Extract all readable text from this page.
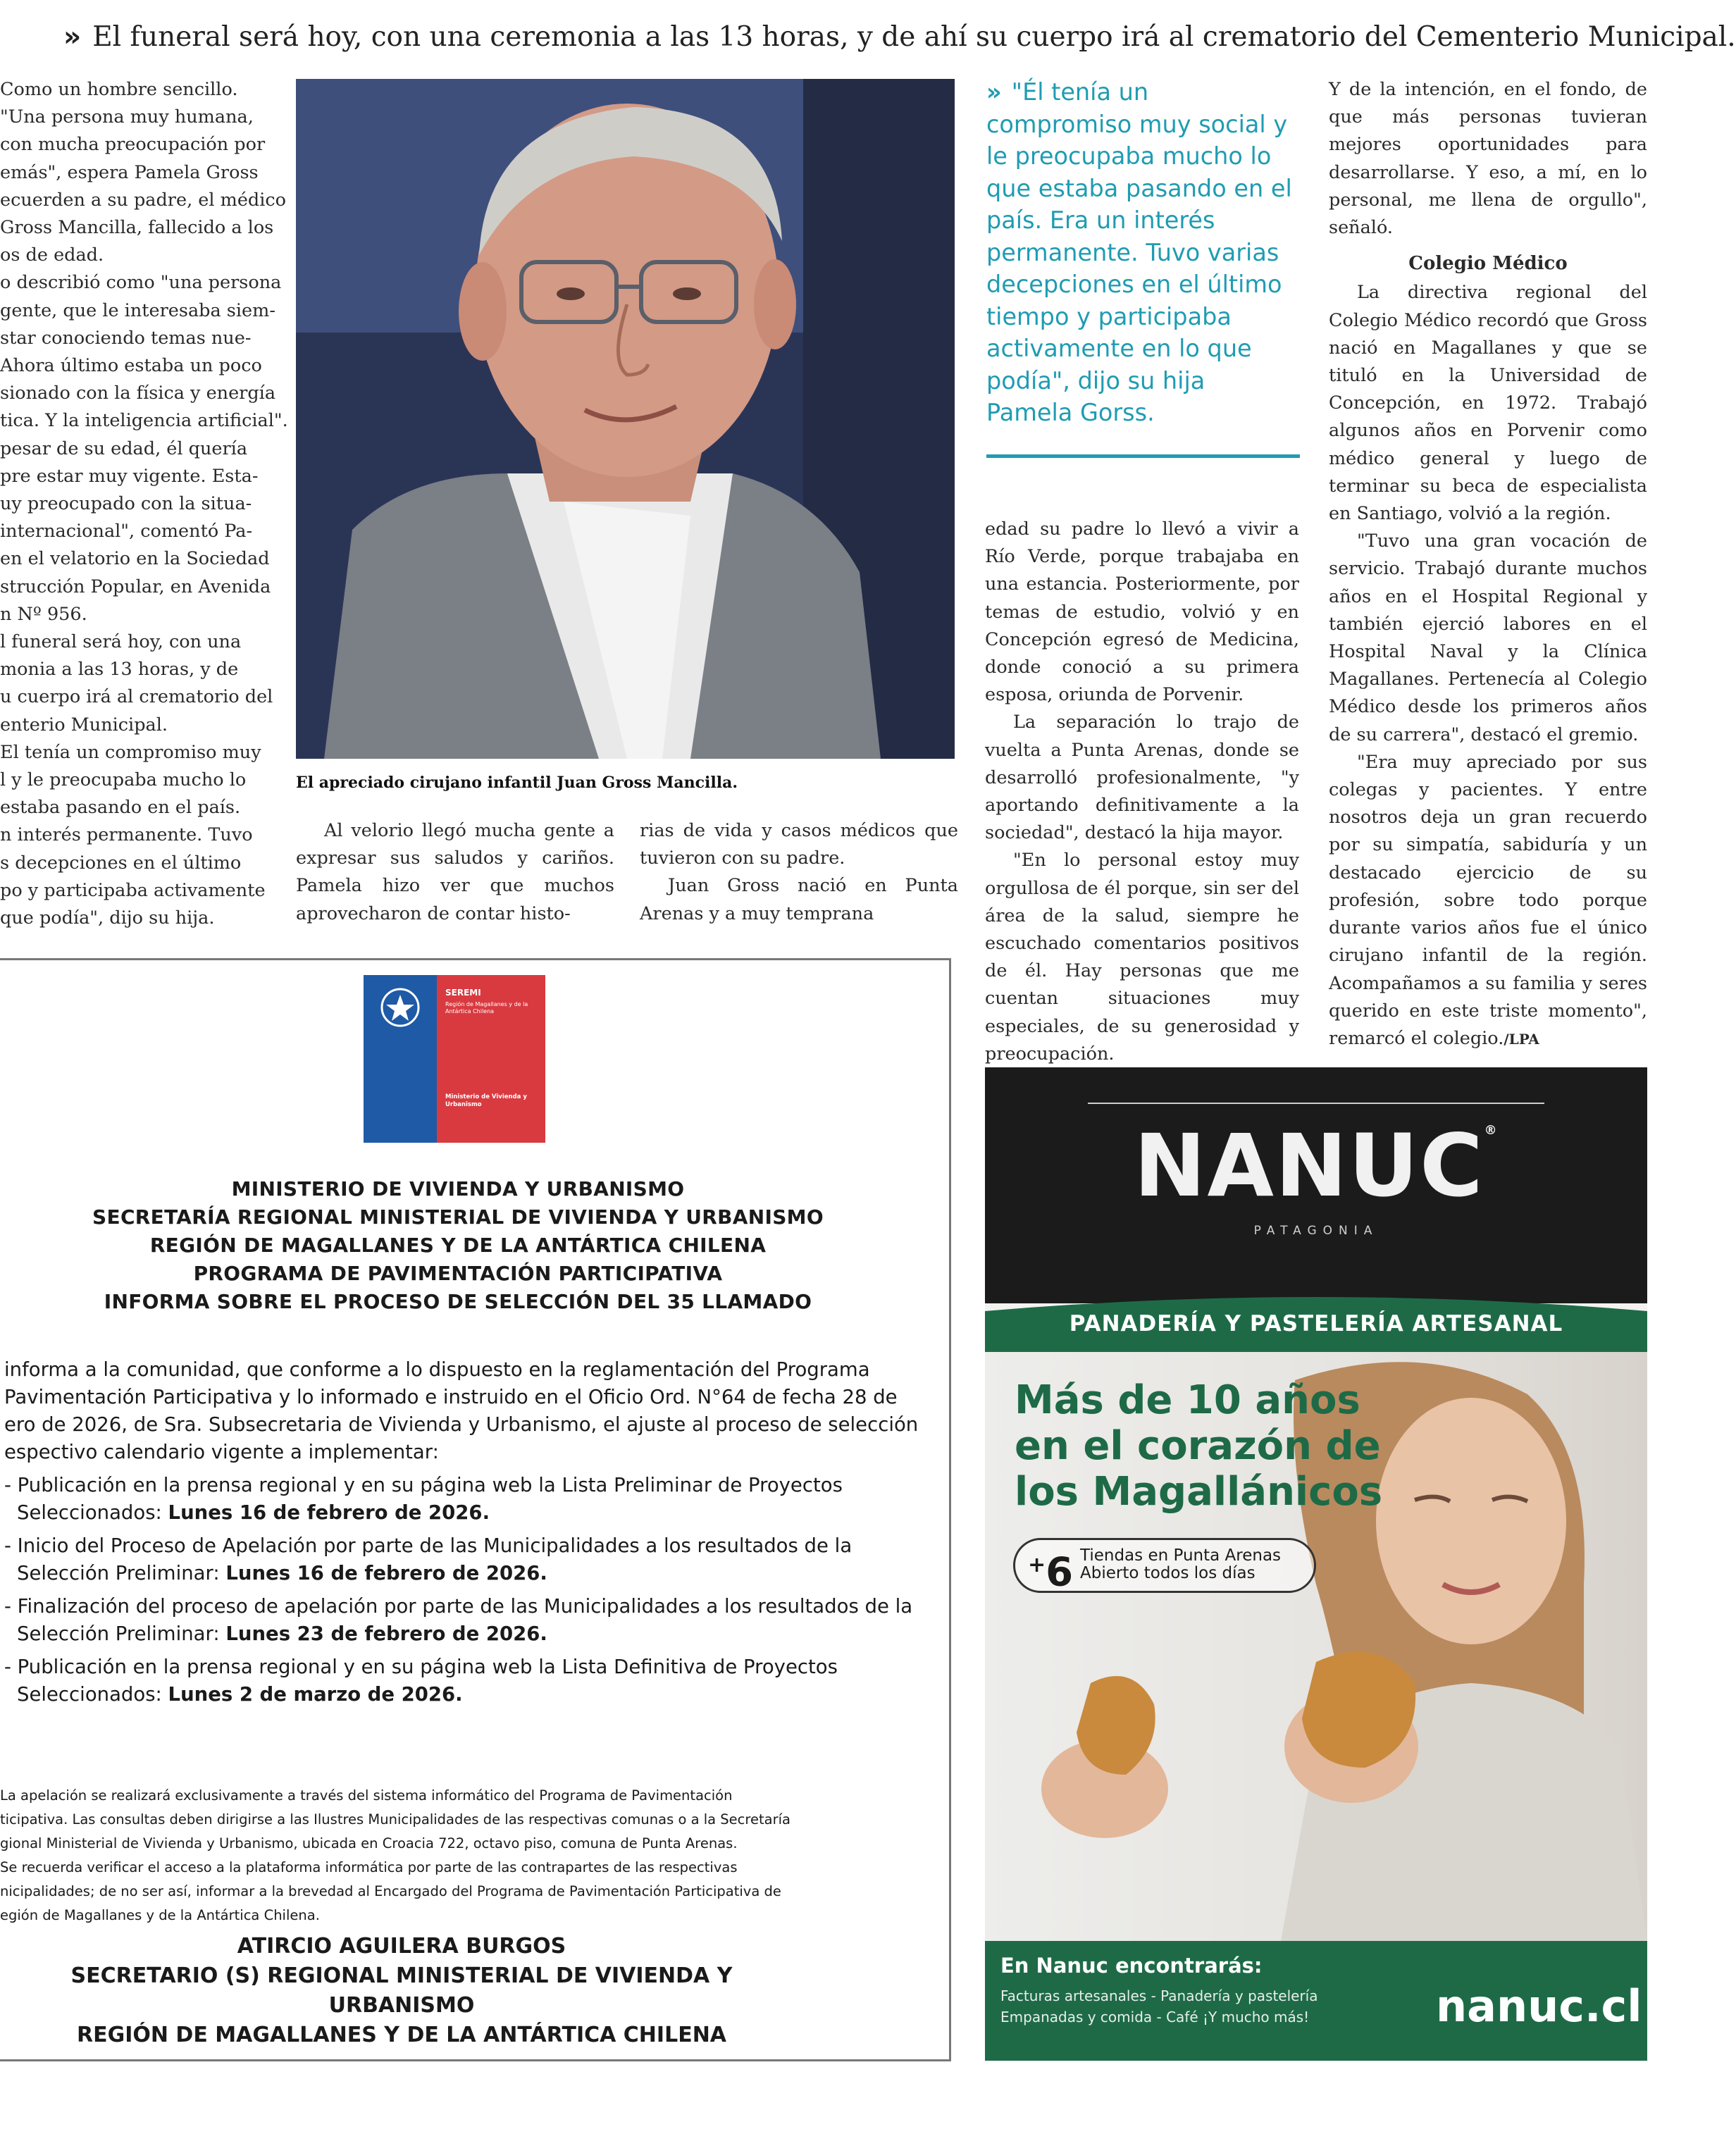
» El funeral será hoy, con una ceremonia a las 13 horas, y de ahí su cuerpo irá al crematorio del Cementerio Municipal.

Como un hombre sencillo.

"Una persona muy humana,

con mucha preocupación por

emás", espera Pamela Gross

ecuerden a su padre, el médico

Gross Mancilla, fallecido a los

os de edad.

o describió como "una persona

gente, que le interesaba siem-

star conociendo temas nue-

Ahora último estaba un poco

sionado con la física y energía

tica. Y la inteligencia artificial".

pesar de su edad, él quería

pre estar muy vigente. Esta-

uy preocupado con la situa-

internacional", comentó Pa-

en el velatorio en la Sociedad

strucción Popular, en Avenida

n Nº 956.

l funeral será hoy, con una

monia a las 13 horas, y de

u cuerpo irá al crematorio del

enterio Municipal.

El tenía un compromiso muy

l y le preocupaba mucho lo

estaba pasando en el país.

n interés permanente. Tuvo

s decepciones en el último

po y participaba activamente

que podía", dijo su hija.

El apreciado cirujano infantil Juan Gross Mancilla.

Al velorio llegó mucha gente a expresar sus saludos y cariños. Pamela hizo ver que muchos aprovecharon de contar histo-

rias de vida y casos médicos que tuvieron con su padre.

Juan Gross nació en Punta Arenas y a muy temprana

» "Él tenía un compromiso muy social y le preocupaba mucho lo que estaba pasando en el país. Era un interés permanente. Tuvo varias decepciones en el último tiempo y participaba activamente en lo que podía", dijo su hija Pamela Gorss.

edad su padre lo llevó a vivir a Río Verde, porque trabajaba en una estancia. Posteriormente, por temas de estudio, volvió y en Concepción egresó de Medicina, donde conoció a su primera esposa, oriunda de Porvenir.

La separación lo trajo de vuelta a Punta Arenas, donde se desarrolló profesionalmente, "y aportando definitivamente a la sociedad", destacó la hija mayor.

"En lo personal estoy muy orgullosa de él porque, sin ser del área de la salud, siempre he escuchado comentarios positivos de él. Hay personas que me cuentan situaciones muy especiales, de su generosidad y preocupación.

Y de la intención, en el fondo, de que más personas tuvieran mejores oportunidades para desarrollarse. Y eso, a mí, en lo personal, me llena de orgullo", señaló.

Colegio Médico

La directiva regional del Colegio Médico recordó que Gross nació en Magallanes y que se tituló en la Universidad de Concepción, en 1972. Trabajó algunos años en Porvenir como médico general y luego de terminar su beca de especialista en Santiago, volvió a la región.

"Tuvo una gran vocación de servicio. Trabajó durante muchos años en el Hospital Regional y también ejerció labores en el Hospital Naval y la Clínica Magallanes. Pertenecía al Colegio Médico desde los primeros años de su carrera", destacó el gremio.

"Era muy apreciado por sus colegas y pacientes. Y entre nosotros deja un gran recuerdo por su simpatía, sabiduría y un destacado ejercicio de su profesión, sobre todo porque durante varios años fue el único cirujano infantil de la región. Acompañamos a su familia y seres querido en este triste momento", remarcó el colegio./LPA

SEREMI
Región de Magallanes y de la Antártica Chilena
Ministerio de Vivienda y Urbanismo
MINISTERIO DE VIVIENDA Y URBANISMO
SECRETARÍA REGIONAL MINISTERIAL DE VIVIENDA Y URBANISMO
REGIÓN DE MAGALLANES Y DE LA ANTÁRTICA CHILENA
PROGRAMA DE PAVIMENTACIÓN PARTICIPATIVA
INFORMA SOBRE EL PROCESO DE SELECCIÓN DEL 35 LLAMADO
informa a la comunidad, que conforme a lo dispuesto en la reglamentación del Programa
Pavimentación Participativa y lo informado e instruido en el Oficio Ord. N°64 de fecha 28 de
ero de 2026, de Sra. Subsecretaria de Vivienda y Urbanismo, el ajuste al proceso de selección
espectivo calendario vigente a implementar:
- Publicación en la prensa regional y en su página web la Lista Preliminar de Proyectos
Seleccionados: Lunes 16 de febrero de 2026.
- Inicio del Proceso de Apelación por parte de las Municipalidades a los resultados de la
Selección Preliminar: Lunes 16 de febrero de 2026.
- Finalización del proceso de apelación por parte de las Municipalidades a los resultados de la
Selección Preliminar: Lunes 23 de febrero de 2026.
- Publicación en la prensa regional y en su página web la Lista Definitiva de Proyectos
Seleccionados: Lunes 2 de marzo de 2026.
La apelación se realizará exclusivamente a través del sistema informático del Programa de Pavimentación
ticipativa. Las consultas deben dirigirse a las Ilustres Municipalidades de las respectivas comunas o a la Secretaría
gional Ministerial de Vivienda y Urbanismo, ubicada en Croacia 722, octavo piso, comuna de Punta Arenas.
Se recuerda verificar el acceso a la plataforma informática por parte de las contrapartes de las respectivas
nicipalidades; de no ser así, informar a la brevedad al Encargado del Programa de Pavimentación Participativa de
egión de Magallanes y de la Antártica Chilena.
ATIRCIO AGUILERA BURGOS
SECRETARIO (S) REGIONAL MINISTERIAL DE VIVIENDA Y URBANISMO
REGIÓN DE MAGALLANES Y DE LA ANTÁRTICA CHILENA
NANUC®
PATAGONIA
PANADERÍA Y PASTELERÍA ARTESANAL
Más de 10 años
en el corazón de
los Magallánicos
+6 Tiendas en Punta Arenas
Abierto todos los días
En Nanuc encontrarás:
Facturas artesanales - Panadería y pastelería
Empanadas y comida - Café ¡Y mucho más!	nanuc.cl
